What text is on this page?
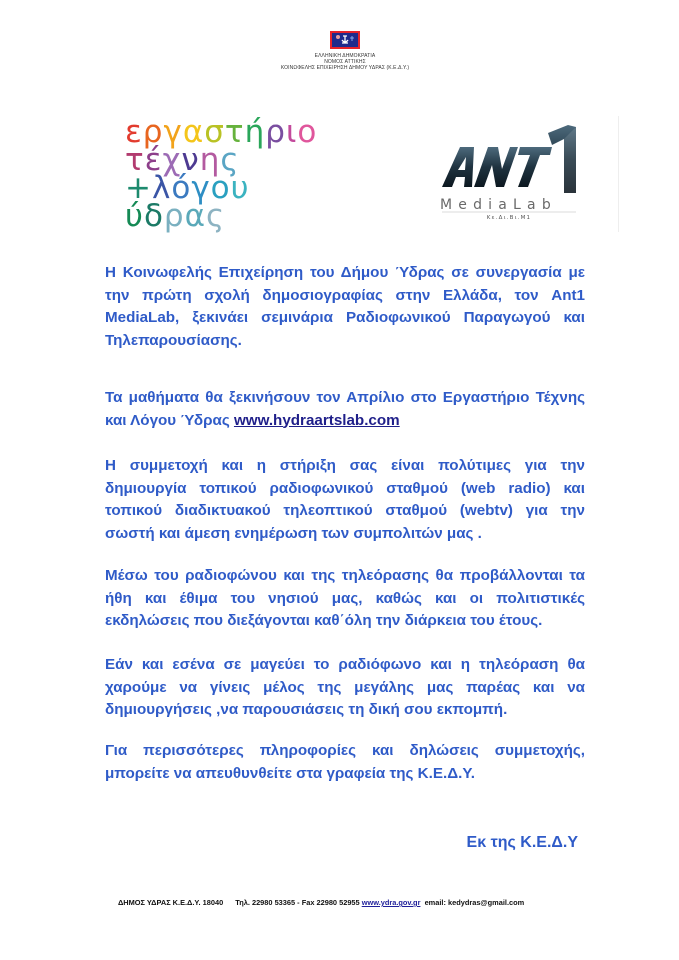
ΕΛΛΗΝΙΚΗ ΔΗΜΟΚΡΑΤΙΑ
ΝΟΜΟΣ ΑΤΤΙΚΗΣ
ΚΟΙΝΩΦΕΛΗΣ ΕΠΙΧΕΙΡΗΣΗ ΔΗΜΟΥ ΥΔΡΑΣ (Κ.Ε.Δ.Υ.)
εργαστήριο
τέχνης
+λόγου
ύδρας	MediaLab
Κε.Δι.Βι.Μ1
Η Κοινωφελής Επιχείρηση του Δήμου Ύδρας σε συνεργασία με την πρώτη σχολή δημοσιογραφίας στην Ελλάδα, τον Ant1 MediaLab, ξεκινάει σεμινάρια Ραδιοφωνικού Παραγωγού και Τηλεπαρουσίασης.
Τα μαθήματα θα ξεκινήσουν τον Απρίλιο στο Εργαστήριο Τέχνης και Λόγου Ύδρας www.hydraartslab.com
Η συμμετοχή και η στήριξη σας είναι πολύτιμες για την δημιουργία τοπικού ραδιοφωνικού σταθμού (web radio) και τοπικού διαδικτυακού τηλεοπτικού σταθμού (webtv) για την σωστή και άμεση ενημέρωση των συμπολιτών μας .
Μέσω του ραδιοφώνου και της τηλεόρασης θα προβάλλονται τα ήθη και έθιμα του νησιού μας, καθώς και οι πολιτιστικές εκδηλώσεις που διεξάγονται καθ΄όλη την διάρκεια του έτους.
Εάν και εσένα σε μαγεύει το ραδιόφωνο και η τηλεόραση θα χαρούμε να γίνεις μέλος της μεγάλης μας παρέας και να δημιουργήσεις ,να παρουσιάσεις τη δική σου εκπομπή.
Για περισσότερες πληροφορίες και δηλώσεις συμμετοχής, μπορείτε να απευθυνθείτε στα γραφεία της Κ.Ε.Δ.Υ.
Εκ της Κ.Ε.Δ.Υ
ΔΗΜΟΣ ΥΔΡΑΣ Κ.Ε.Δ.Υ. 18040 Τηλ. 22980 53365 - Fax 22980 52955 www.ydra.gov.gr email: kedydras@gmail.com
